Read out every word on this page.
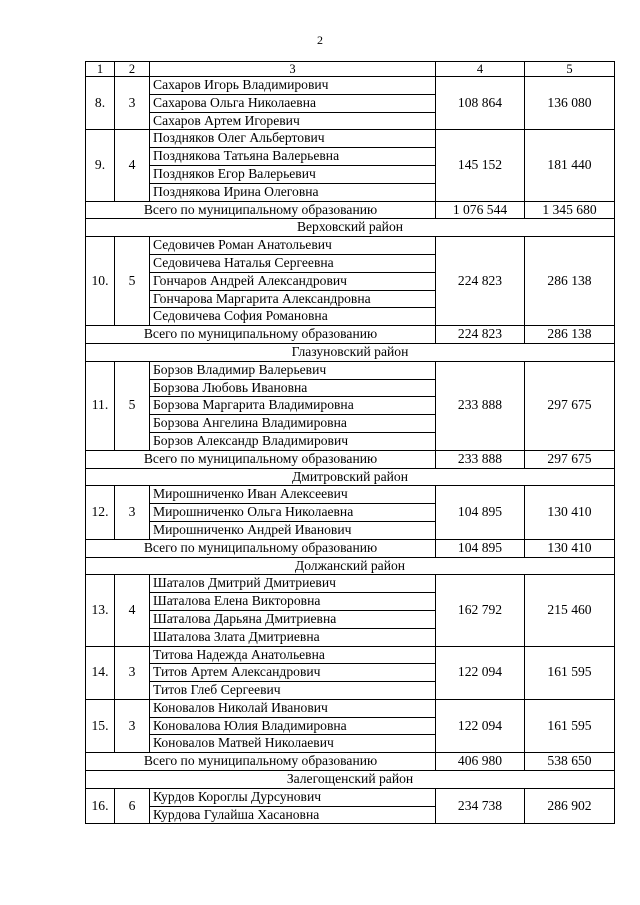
2
1	2	3	4	5
8.	3	Сахаров Игорь Владимирович	108 864	136 080
		Сахарова Ольга Николаевна		
		Сахаров Артем Игоревич		
9.	4	Поздняков Олег Альбертович	145 152	181 440
		Позднякова Татьяна Валерьевна		
		Поздняков Егор Валерьевич		
		Позднякова Ирина Олеговна		
Всего по муниципальному образованию			1 076 544	1 345 680
Верховский район				
10.	5	Седовичев Роман Анатольевич	224 823	286 138
		Седовичева Наталья Сергеевна		
		Гончаров Андрей Александрович		
		Гончарова Маргарита Александровна		
		Седовичева София Романовна		
Всего по муниципальному образованию			224 823	286 138
Глазуновский район				
11.	5	Борзов Владимир Валерьевич	233 888	297 675
		Борзова Любовь Ивановна		
		Борзова Маргарита Владимировна		
		Борзова Ангелина Владимировна		
		Борзов Александр Владимирович		
Всего по муниципальному образованию			233 888	297 675
Дмитровский район				
12.	3	Мирошниченко Иван Алексеевич	104 895	130 410
		Мирошниченко Ольга Николаевна		
		Мирошниченко Андрей Иванович		
Всего по муниципальному образованию			104 895	130 410
Должанский район				
13.	4	Шаталов Дмитрий Дмитриевич	162 792	215 460
		Шаталова Елена Викторовна		
		Шаталова Дарьяна Дмитриевна		
		Шаталова Злата Дмитриевна		
14.	3	Титова Надежда Анатольевна	122 094	161 595
		Титов Артем Александрович		
		Титов Глеб Сергеевич		
15.	3	Коновалов Николай Иванович	122 094	161 595
		Коновалова Юлия Владимировна		
		Коновалов Матвей Николаевич		
Всего по муниципальному образованию			406 980	538 650
Залегощенский район				
16.	6	Курдов Короглы Дурсунович	234 738	286 902
		Курдова Гулайша Хасановна		
